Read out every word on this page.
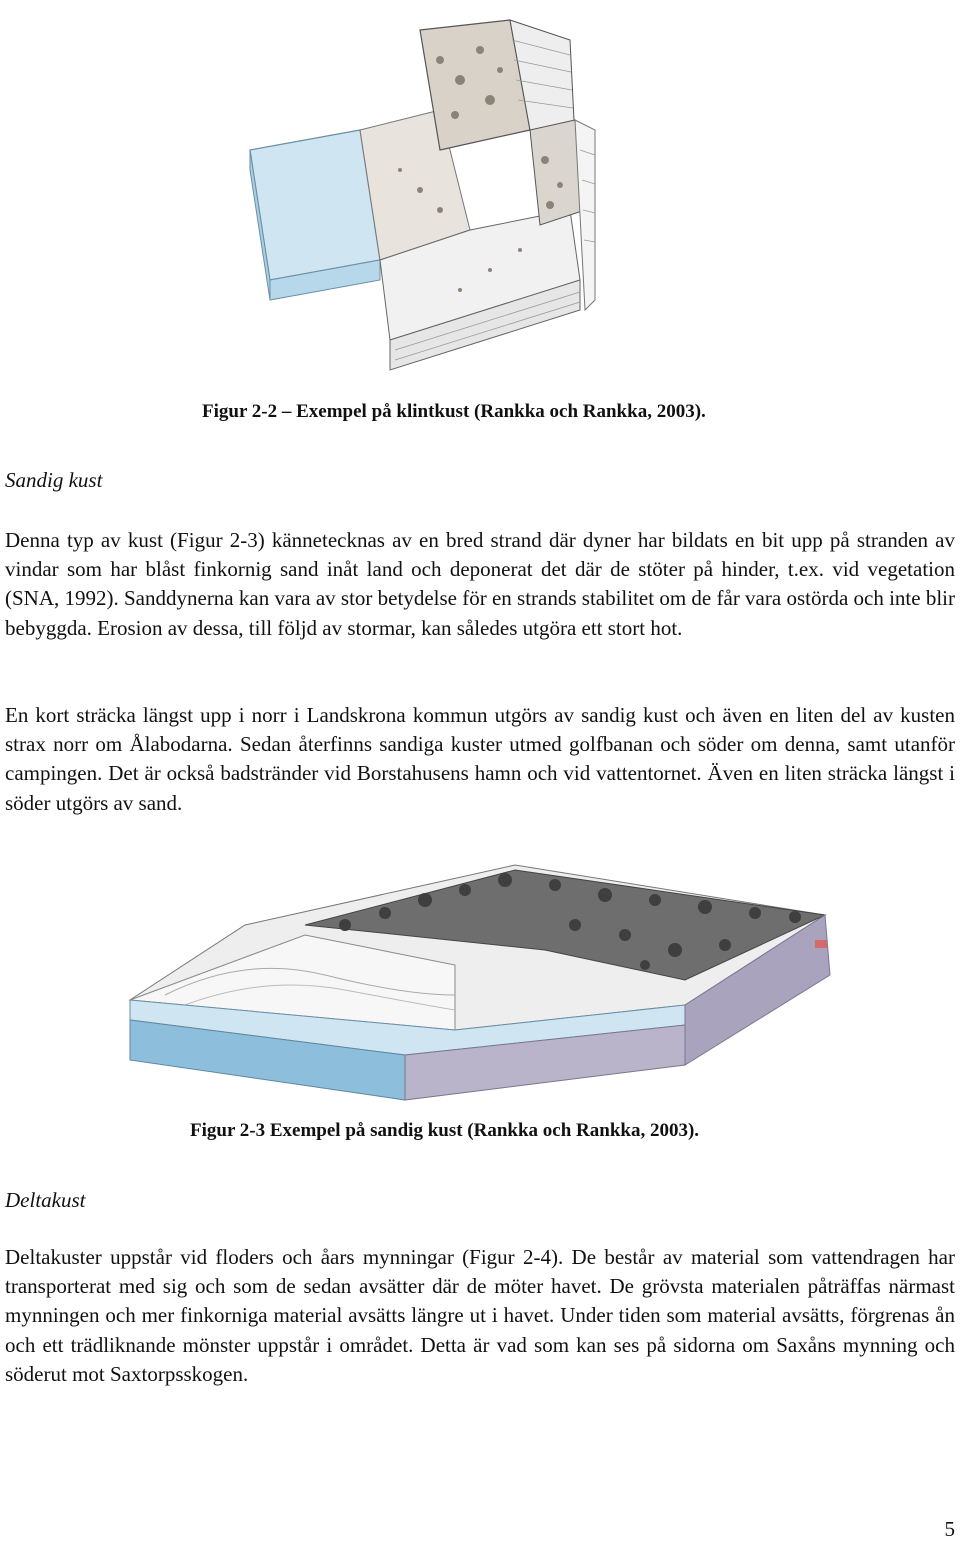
Figur 2-2 – Exempel på klintkust (Rankka och Rankka, 2003).
Sandig kust
Denna typ av kust (Figur 2-3) kännetecknas av en bred strand där dyner har bildats en bit upp på stranden av vindar som har blåst finkornig sand inåt land och deponerat det där de stöter på hinder, t.ex. vid vegetation (SNA, 1992). Sanddynerna kan vara av stor betydelse för en strands stabilitet om de får vara ostörda och inte blir bebyggda. Erosion av dessa, till följd av stormar, kan således utgöra ett stort hot.
En kort sträcka längst upp i norr i Landskrona kommun utgörs av sandig kust och även en liten del av kusten strax norr om Ålabodarna. Sedan återfinns sandiga kuster utmed golfbanan och söder om denna, samt utanför campingen. Det är också badstränder vid Borstahusens hamn och vid vattentornet. Även en liten sträcka längst i söder utgörs av sand.
Figur 2-3 Exempel på sandig kust (Rankka och Rankka, 2003).
Deltakust
Deltakuster uppstår vid floders och åars mynningar (Figur 2-4). De består av material som vattendragen har transporterat med sig och som de sedan avsätter där de möter havet. De grövsta materialen påträffas närmast mynningen och mer finkorniga material avsätts längre ut i havet. Under tiden som material avsätts, förgrenas ån och ett trädliknande mönster uppstår i området. Detta är vad som kan ses på sidorna om Saxåns mynning och söderut mot Saxtorpsskogen.
5
